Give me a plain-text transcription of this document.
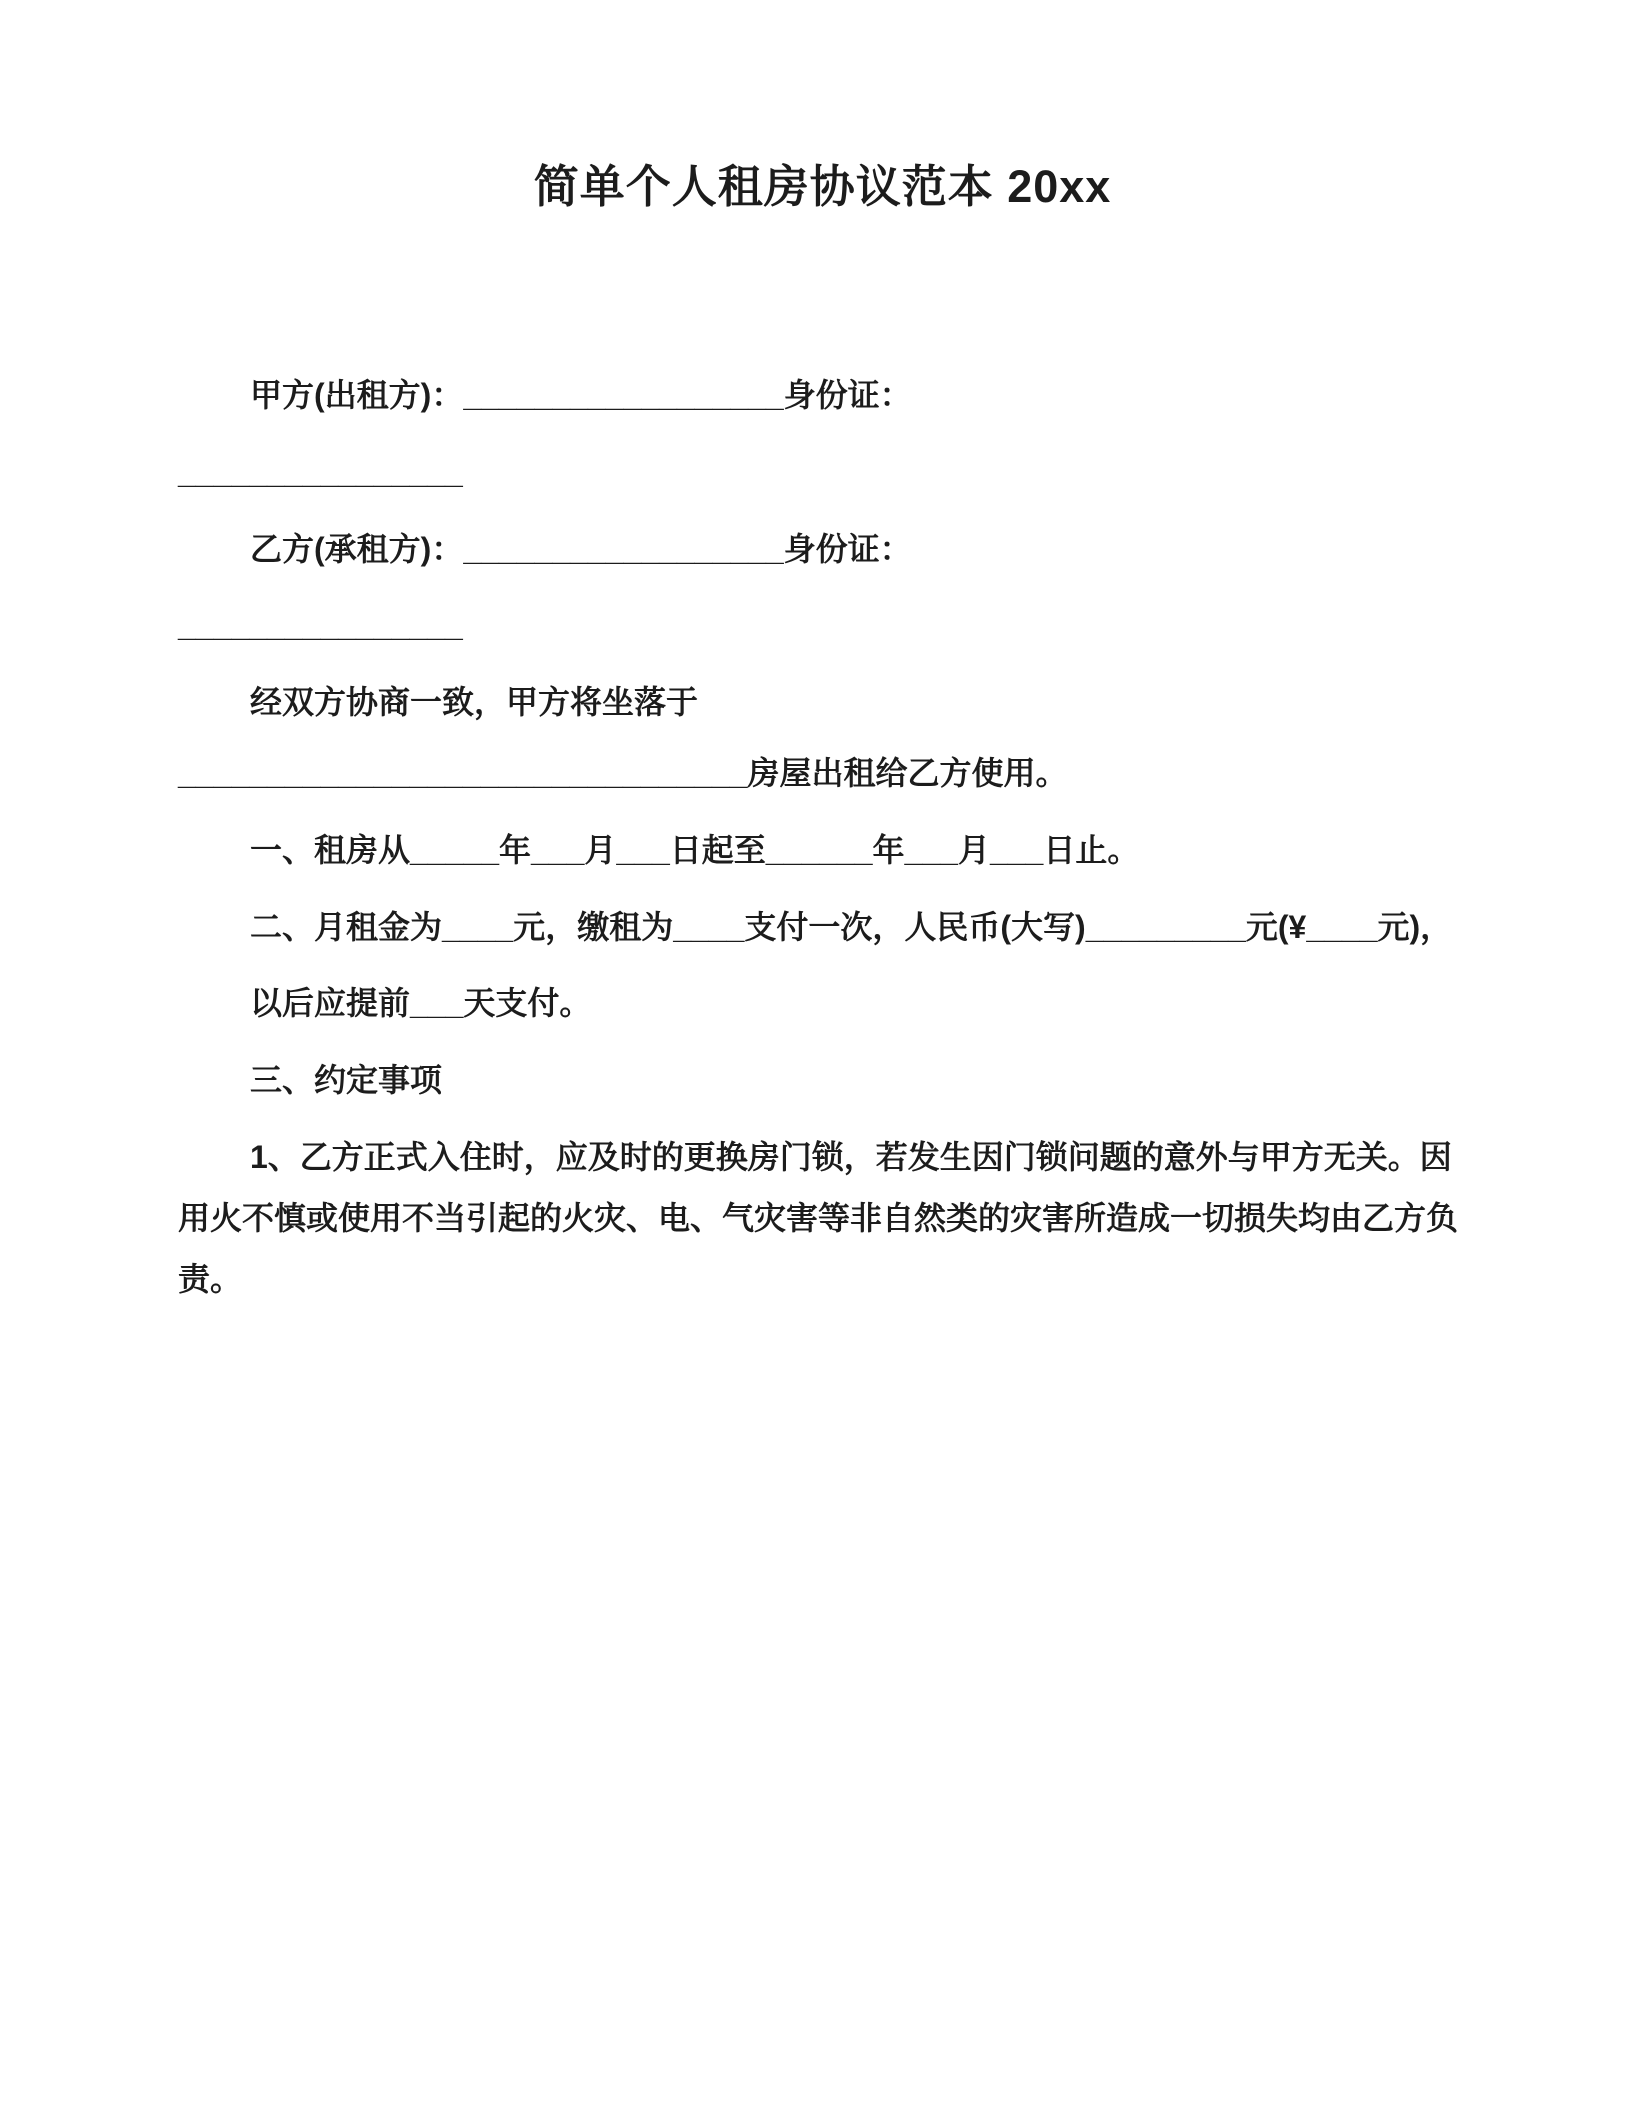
简单个人租房协议范本 20xx

甲方(出租方)：__________________身份证：

________________

乙方(承租方)：__________________身份证：

________________

经双方协商一致，甲方将坐落于

________________________________房屋出租给乙方使用。

一、租房从_____年___月___日起至______年___月___日止。

二、月租金为____元，缴租为____支付一次，人民币(大写)_________元(¥____元)，

以后应提前___天支付。

三、约定事项

1、乙方正式入住时，应及时的更换房门锁，若发生因门锁问题的意外与甲方无关。因用火不慎或使用不当引起的火灾、电、气灾害等非自然类的灾害所造成一切损失均由乙方负责。
